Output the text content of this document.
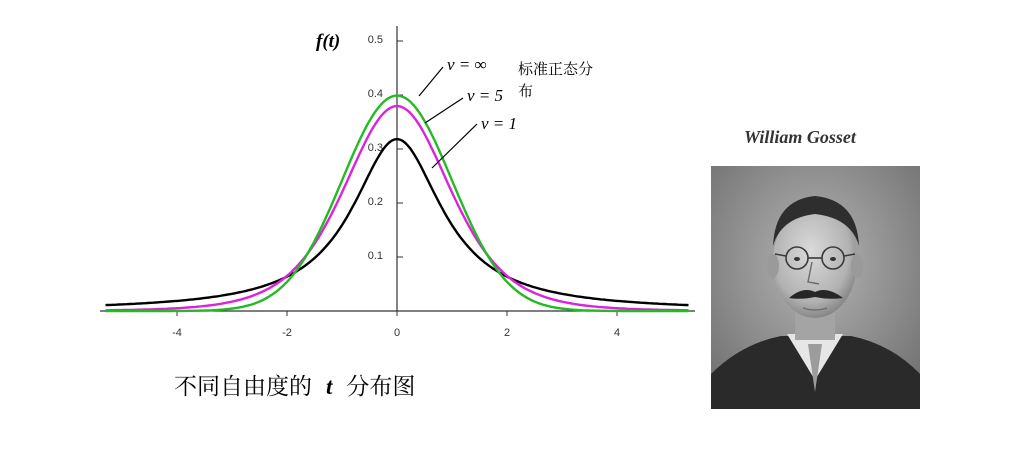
-4	-2	0	2	4
0.1
0.2
0.3
0.4
0.5
f(t)
ν = ∞
ν = 5
ν = 1
标准正态分
布
不同自由度的 t 分布图
William Gosset
